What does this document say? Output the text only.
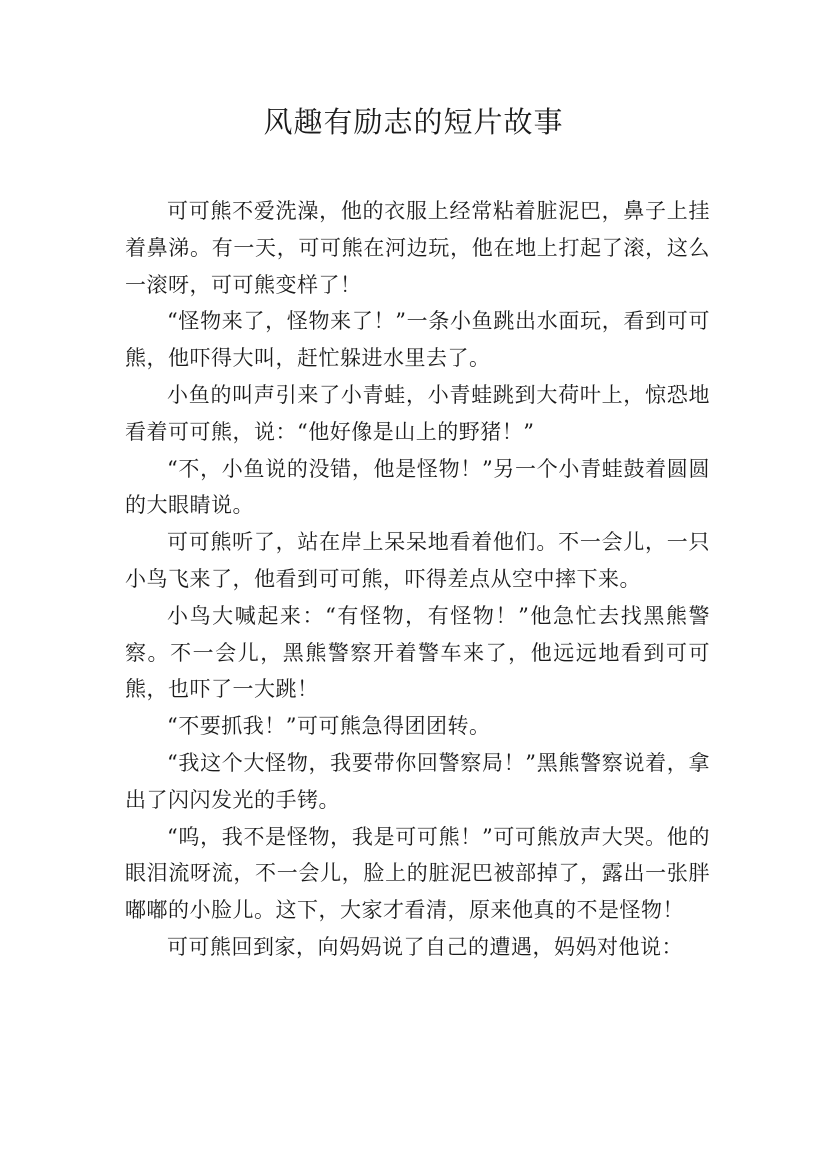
风趣有励志的短片故事

可可熊不爱洗澡，他的衣服上经常粘着脏泥巴，鼻子上挂着鼻涕。有一天，可可熊在河边玩，他在地上打起了滚，这么一滚呀，可可熊变样了！

“怪物来了，怪物来了！”一条小鱼跳出水面玩，看到可可熊，他吓得大叫，赶忙躲进水里去了。

小鱼的叫声引来了小青蛙，小青蛙跳到大荷叶上，惊恐地看着可可熊，说：“他好像是山上的野猪！”

“不，小鱼说的没错，他是怪物！”另一个小青蛙鼓着圆圆的大眼睛说。

可可熊听了，站在岸上呆呆地看着他们。不一会儿，一只小鸟飞来了，他看到可可熊，吓得差点从空中摔下来。

小鸟大喊起来：“有怪物，有怪物！”他急忙去找黑熊警察。不一会儿，黑熊警察开着警车来了，他远远地看到可可熊，也吓了一大跳！

“不要抓我！”可可熊急得团团转。

“我这个大怪物，我要带你回警察局！”黑熊警察说着，拿出了闪闪发光的手铐。

“呜，我不是怪物，我是可可熊！”可可熊放声大哭。他的眼泪流呀流，不一会儿，脸上的脏泥巴被部掉了，露出一张胖嘟嘟的小脸儿。这下，大家才看清，原来他真的不是怪物！

可可熊回到家，向妈妈说了自己的遭遇，妈妈对他说：
